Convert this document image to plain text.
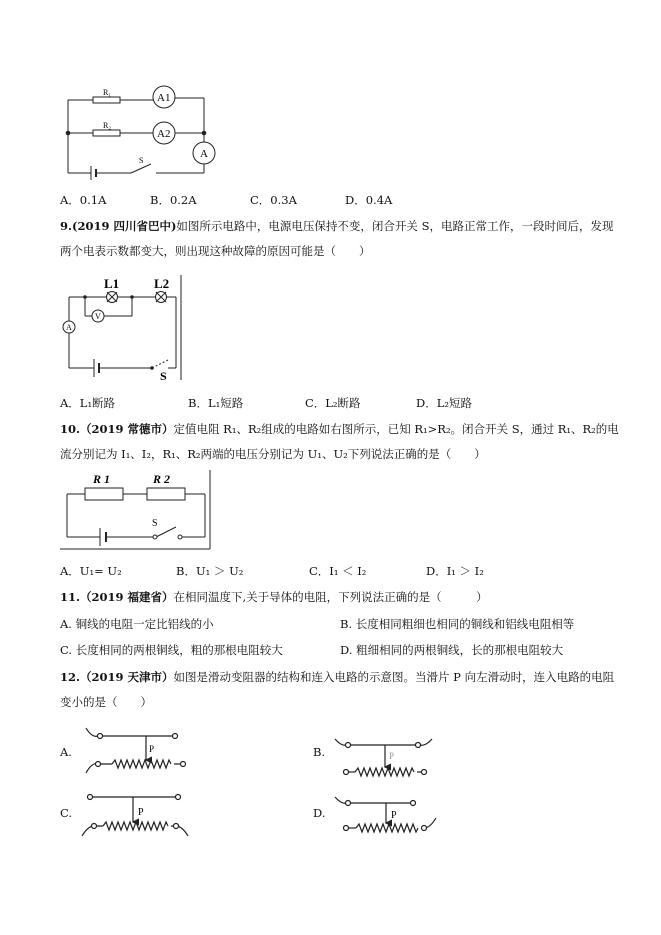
R₁
R₂
A1
A2
A
S
A．0.1A	B．0.2A	C．0.3A	D．0.4A
9.(2019 四川省巴中)如图所示电路中，电源电压保持不变，闭合开关 S，电路正常工作，一段时间后，发现
两个电表示数都变大，则出现这种故障的原因可能是（　　）
L1	L2
A
V
S
A．L₁断路	B．L₁短路	C．L₂断路	D．L₂短路
10.（2019 常德市）定值电阻 R₁、R₂组成的电路如右图所示，已知 R₁>R₂。闭合开关 S，通过 R₁、R₂的电
流分别记为 I₁、I₂，R₁、R₂两端的电压分别记为 U₁、U₂下列说法正确的是（　　）
R 1	R 2
S
A．U₁= U₂	B．U₁ ＞ U₂	C．I₁ ＜ I₂	D．I₁ ＞ I₂
11.（2019 福建省）在相同温度下,关于导体的电阻，下列说法正确的是（　　　）
A. 铜线的电阻一定比铝线的小	B. 长度相同粗细也相同的铜线和铝线电阻相等
C. 长度相同的两根铜线，粗的那根电阻较大	D. 粗细相同的两根铜线，长的那根电阻较大
12.（2019 天津市）如图是滑动变阻器的结构和连入电路的示意图。当滑片 P 向左滑动时，连入电路的电阻
变小的是（　　）
A.	B.
C.	D.
P
P
P	P
